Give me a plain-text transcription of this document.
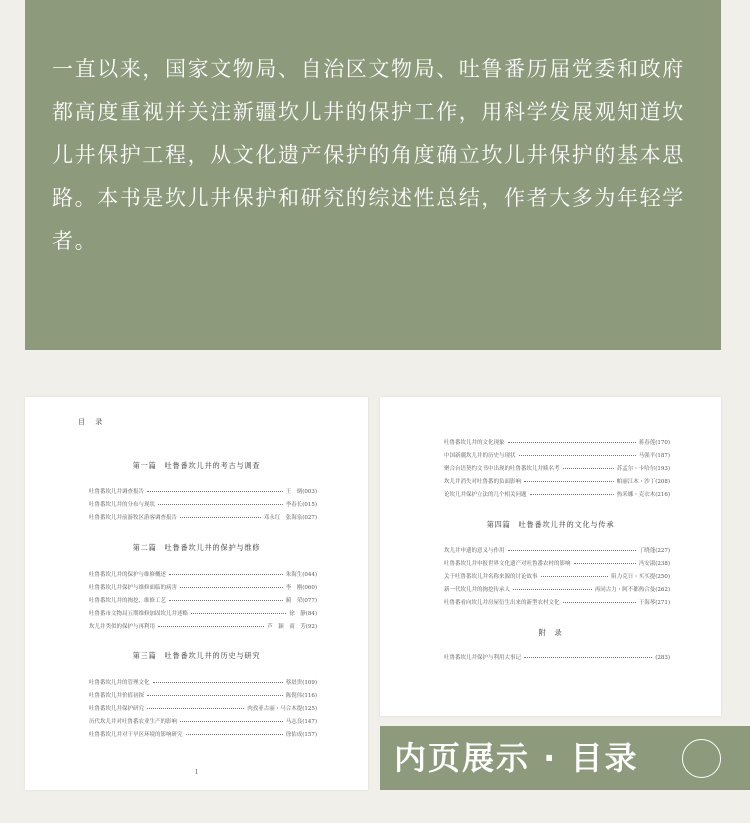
一直以来，国家文物局、自治区文物局、吐鲁番历届党委和政府都高度重视并关注新疆坎儿井的保护工作，用科学发展观知道坎儿井保护工程，从文化遗产保护的角度确立坎儿井保护的基本思路。本书是坎儿井保护和研究的综述性总结，作者大多为年轻学者。

目 录
第一篇　吐鲁番坎儿井的考古与调查
吐鲁番坎儿井调查报告	王　炳(003)
吐鲁番坎儿井的分布与现状	李春长(015)
吐鲁番坎儿井前游牧区游客调查报告	邓永红　张海泉(027)
第二篇　吐鲁番坎儿井的保护与维修
吐鲁番坎儿井的保护与维修概述	朱海生(044)
吐鲁番坎儿井保护与维修面临的病害	李　刚(060)
吐鲁番坎儿井的掏挖、维修工艺	蔺　荣(077)
吐鲁番市文物局五期维修加固坎儿井述略	徐　静(84)
坎儿井类似的保护与再利用	芦　颖　商　芳(92)
第三篇　吐鲁番坎儿井的历史与研究
吐鲁番坎儿井的管理文化	蔡晨贵(109)
吐鲁番坎儿井价值初探	陈倪伟(116)
吐鲁番坎儿井保护研究	肉孜亚古丽・马合木提(125)
历代坎儿井对吐鲁番农业生产的影响	马志良(147)
吐鲁番坎儿井对干旱区环境的影响研究	徐佑成(157)
1
吐鲁番坎儿井的文化现象	蒋春莲(170)
中国新疆坎儿井的历史与现状	马强平(187)
聚合台语契约文书中出现的吐鲁番坎儿井赎名考	苏孟尔・卡哈尔(193)
坎儿井消失对吐鲁番的负面影响	帕丽江木・沙丁(208)
论坎儿井保护立法的几个相关问题	热米娜・克衣木(216)
第四篇　吐鲁番坎儿井的文化与传承
坎儿井申遗的意义与作用	丁晓蓬(227)
吐鲁番坎儿井申报世界文化遗产对吐鲁番农村的影响	冯安淑(238)
关于吐鲁番坎儿井名称来源的讨论故事	阻力克日・买买提(250)
新一代坎儿井的掏挖传承人	再同古力・阿不都热合曼(262)
吐鲁番看向坎儿井房屋衍生出来的新型农村文化	于海琴(271)
附　录
吐鲁番坎儿井保护与利用大事记	(283)
内页展示 · 目录
